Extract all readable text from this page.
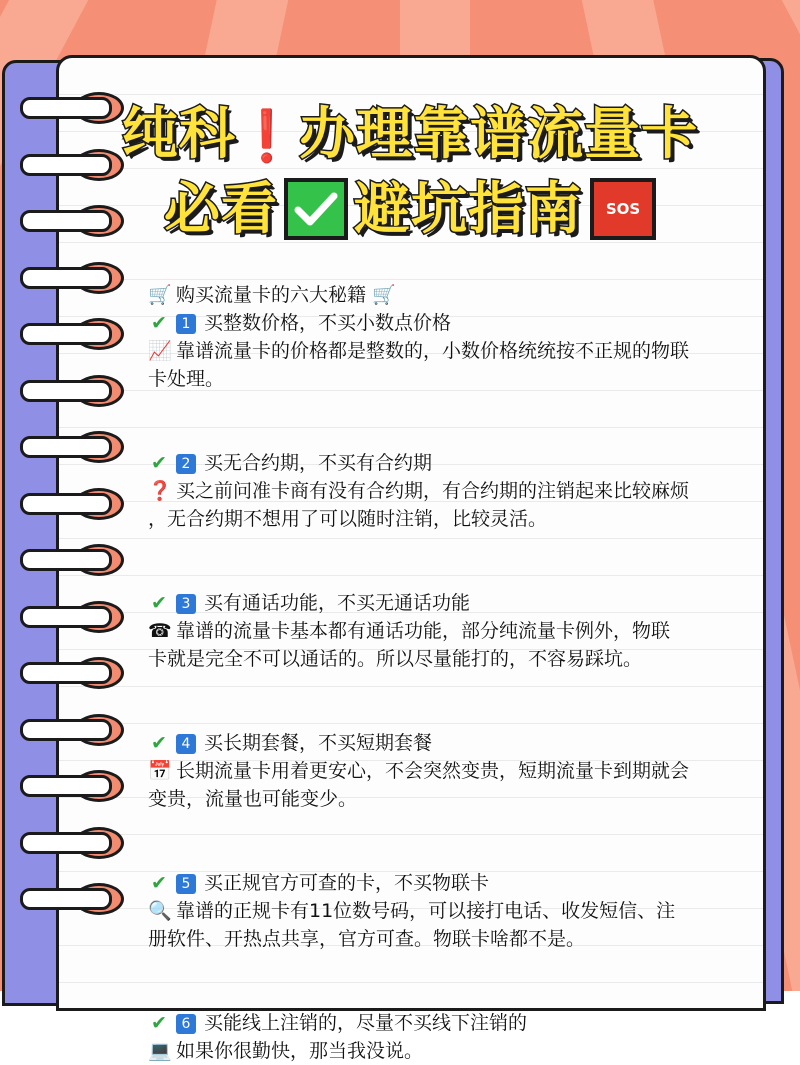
纯科❗办理靠谱流量卡
必看 避坑指南 SOS
🛒 购买流量卡的六大秘籍 🛒
✔ 1 买整数价格，不买小数点价格
📈 靠谱流量卡的价格都是整数的，小数价格统统按不正规的物联
卡处理。
✔ 2 买无合约期，不买有合约期
❓ 买之前问准卡商有没有合约期，有合约期的注销起来比较麻烦
，无合约期不想用了可以随时注销，比较灵活。
✔ 3 买有通话功能，不买无通话功能
☎ 靠谱的流量卡基本都有通话功能，部分纯流量卡例外，物联
卡就是完全不可以通话的。所以尽量能打的，不容易踩坑。
✔ 4 买长期套餐，不买短期套餐
📅 长期流量卡用着更安心，不会突然变贵，短期流量卡到期就会
变贵，流量也可能变少。
✔ 5 买正规官方可查的卡，不买物联卡
🔍 靠谱的正规卡有11位数号码，可以接打电话、收发短信、注
册软件、开热点共享，官方可查。物联卡啥都不是。
✔ 6 买能线上注销的，尽量不买线下注销的
💻 如果你很勤快，那当我没说。
